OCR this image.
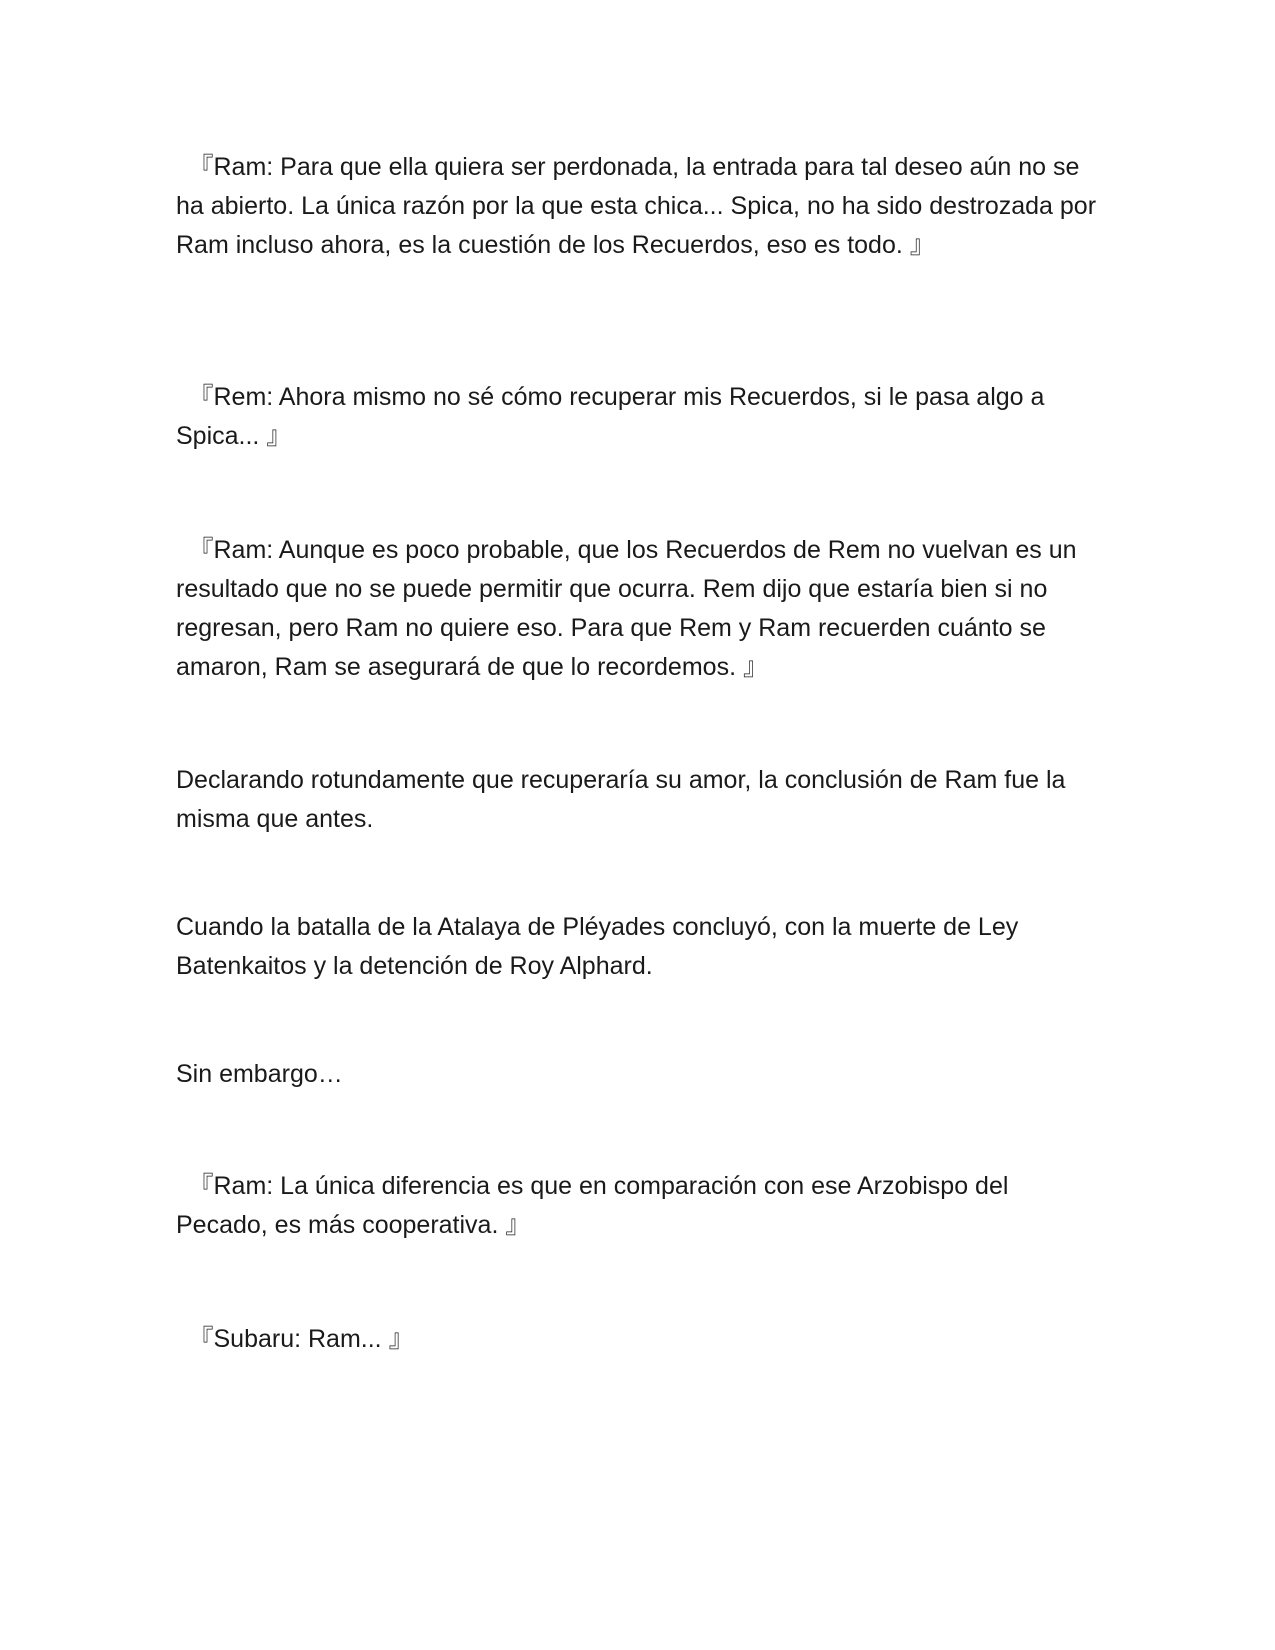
　『Ram: Para que ella quiera ser perdonada, la entrada para tal deseo aún no se ha abierto. La única razón por la que esta chica... Spica, no ha sido destrozada por Ram incluso ahora, es la cuestión de los Recuerdos, eso es todo. 』

　『Rem: Ahora mismo no sé cómo recuperar mis Recuerdos, si le pasa algo a Spica... 』

　『Ram: Aunque es poco probable, que los Recuerdos de Rem no vuelvan es un resultado que no se puede permitir que ocurra. Rem dijo que estaría bien si no regresan, pero Ram no quiere eso. Para que Rem y Ram recuerden cuánto se amaron, Ram se asegurará de que lo recordemos. 』

Declarando rotundamente que recuperaría su amor, la conclusión de Ram fue la misma que antes.

Cuando la batalla de la Atalaya de Pléyades concluyó, con la muerte de Ley Batenkaitos y la detención de Roy Alphard.

Sin embargo…

　『Ram: La única diferencia es que en comparación con ese Arzobispo del Pecado, es más cooperativa. 』

　『Subaru: Ram... 』
